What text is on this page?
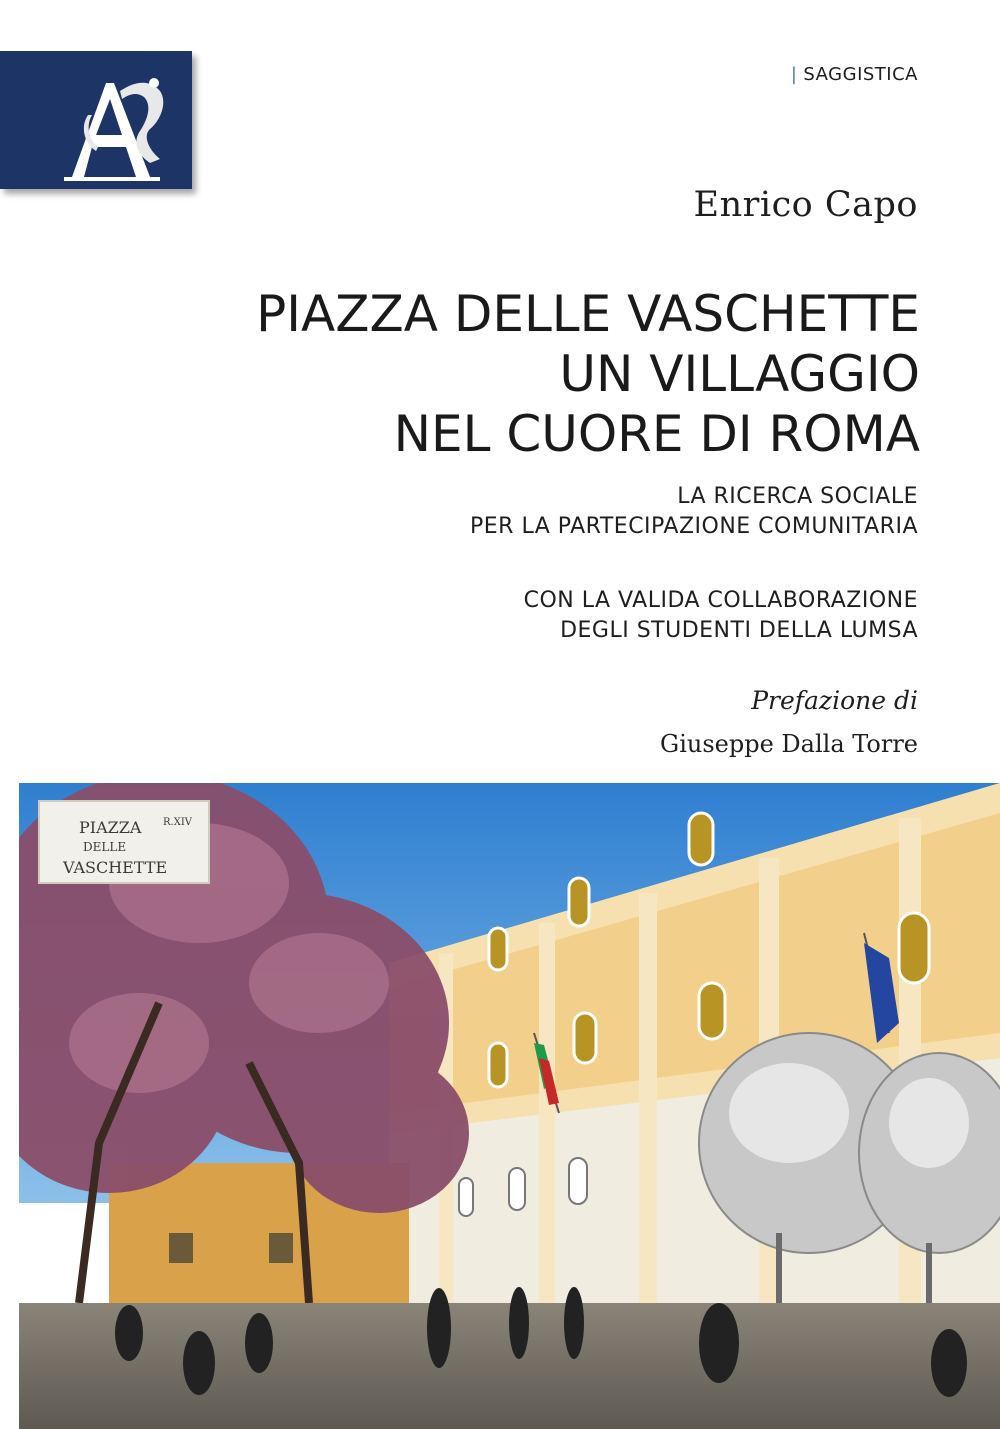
| SAGGISTICA
Enrico Capo
PIAZZA DELLE VASCHETTE
UN VILLAGGIO
NEL CUORE DI ROMA
LA RICERCA SOCIALE
PER LA PARTECIPAZIONE COMUNITARIA
CON LA VALIDA COLLABORAZIONE
DEGLI STUDENTI DELLA LUMSA
Prefazione di
Giuseppe Dalla Torre
PIAZZA R.XIV
DELLE
VASCHETTE
